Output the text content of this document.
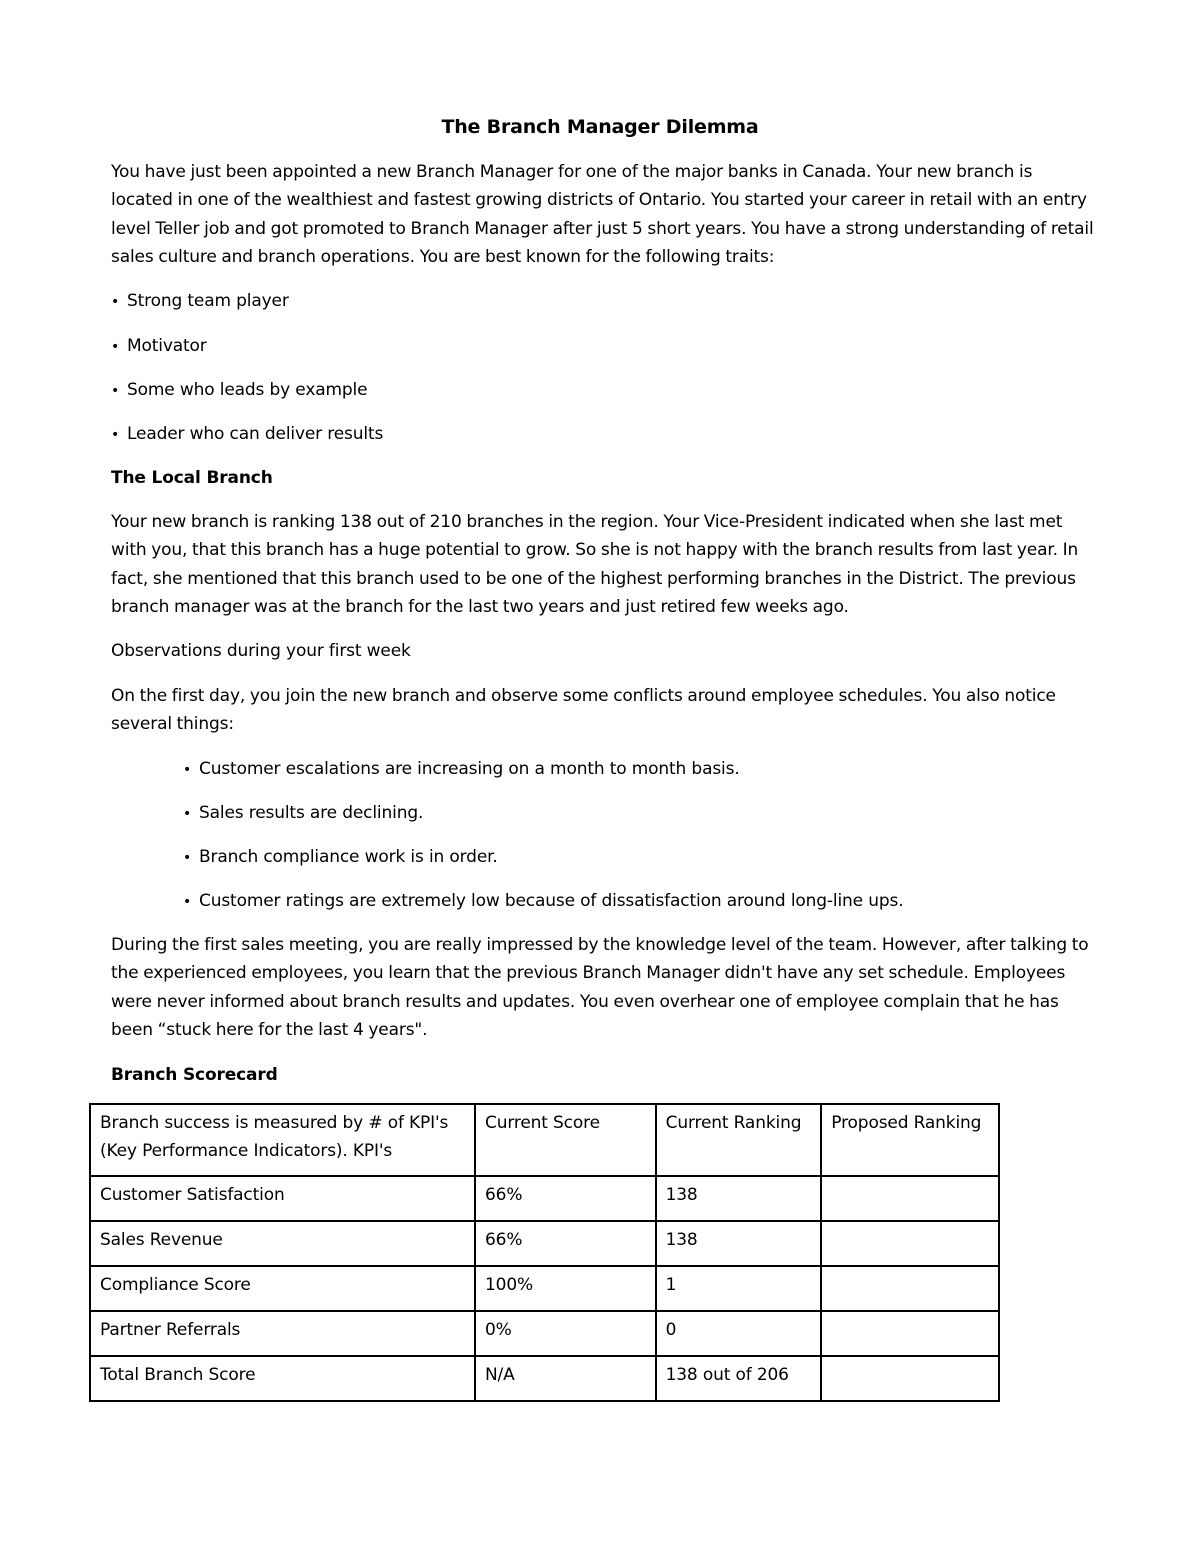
The Branch Manager Dilemma
You have just been appointed a new Branch Manager for one of the major banks in Canada. Your new branch is located in one of the wealthiest and fastest growing districts of Ontario. You started your career in retail with an entry level Teller job and got promoted to Branch Manager after just 5 short years. You have a strong understanding of retail sales culture and branch operations. You are best known for the following traits:
• Strong team player
• Motivator
• Some who leads by example
• Leader who can deliver results
The Local Branch
Your new branch is ranking 138 out of 210 branches in the region. Your Vice-President indicated when she last met with you, that this branch has a huge potential to grow. So she is not happy with the branch results from last year. In fact, she mentioned that this branch used to be one of the highest performing branches in the District. The previous branch manager was at the branch for the last two years and just retired few weeks ago.
Observations during your first week
On the first day, you join the new branch and observe some conflicts around employee schedules. You also notice several things:
• Customer escalations are increasing on a month to month basis.
• Sales results are declining.
• Branch compliance work is in order.
• Customer ratings are extremely low because of dissatisfaction around long-line ups.
During the first sales meeting, you are really impressed by the knowledge level of the team. However, after talking to the experienced employees, you learn that the previous Branch Manager didn't have any set schedule. Employees were never informed about branch results and updates. You even overhear one of employee complain that he has been “stuck here for the last 4 years".
Branch Scorecard
Branch success is measured by # of KPI's (Key Performance Indicators). KPI's	Current Score	Current Ranking	Proposed Ranking
Customer Satisfaction	66%	138	
Sales Revenue	66%	138	
Compliance Score	100%	1	
Partner Referrals	0%	0	
Total Branch Score	N/A	138 out of 206	
